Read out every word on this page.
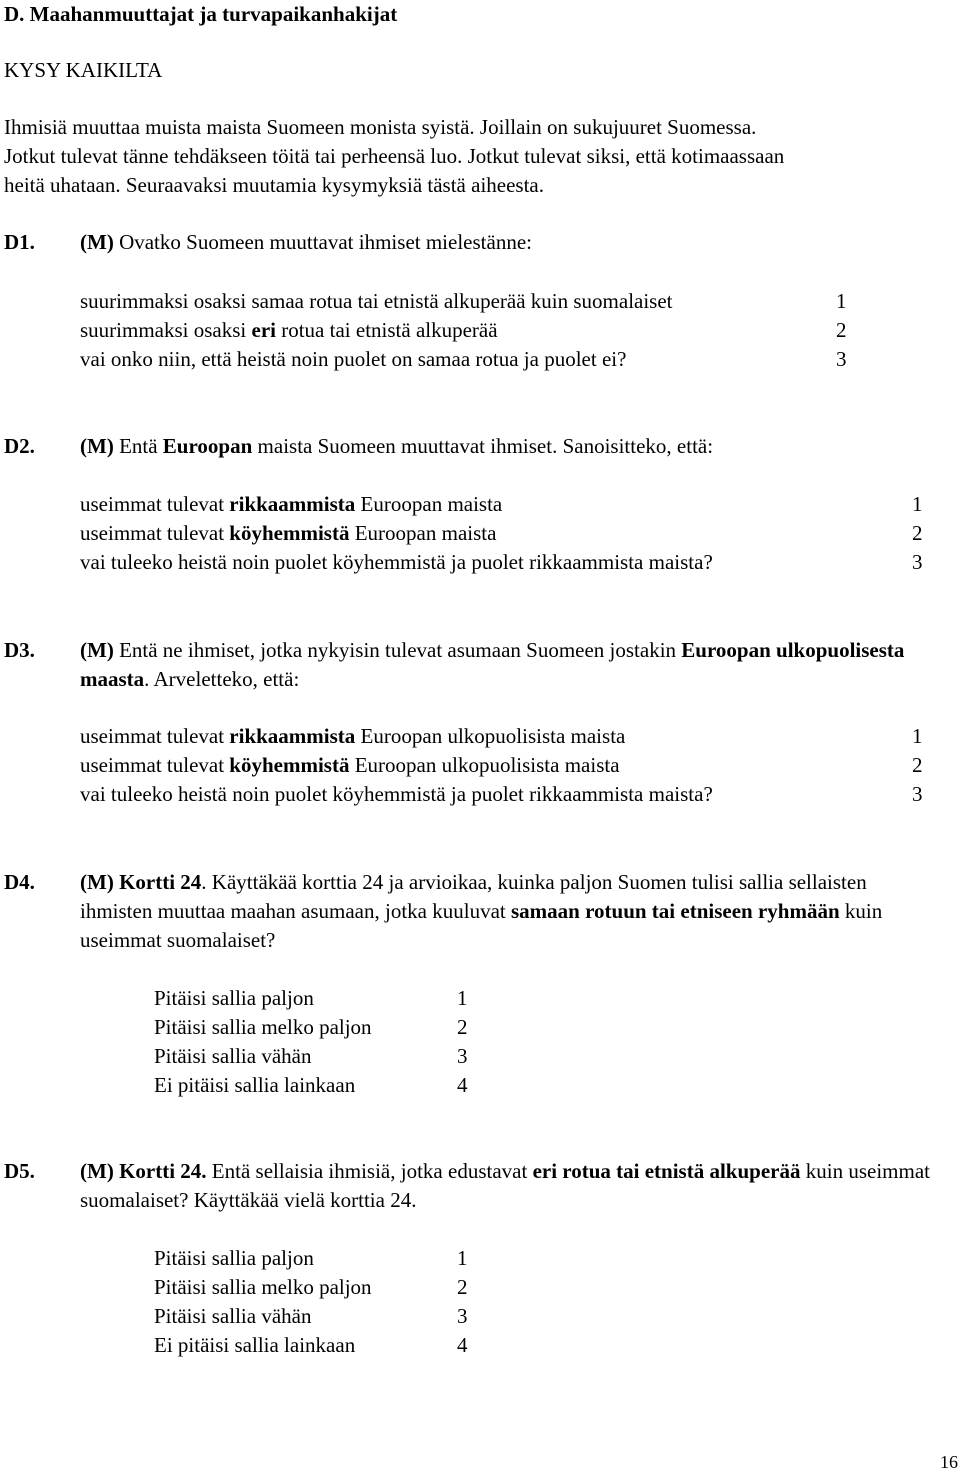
D. Maahanmuuttajat ja turvapaikanhakijat
KYSY KAIKILTA
Ihmisiä muuttaa muista maista Suomeen monista syistä. Joillain on sukujuuret Suomessa.
Jotkut tulevat tänne tehdäkseen töitä tai perheensä luo. Jotkut tulevat siksi, että kotimaassaan
heitä uhataan. Seuraavaksi muutamia kysymyksiä tästä aiheesta.
D1. (M) Ovatko Suomeen muuttavat ihmiset mielestänne:
suurimmaksi osaksi samaa rotua tai etnistä alkuperää kuin suomalaiset	1
suurimmaksi osaksi eri rotua tai etnistä alkuperää	2
vai onko niin, että heistä noin puolet on samaa rotua ja puolet ei?	3
D2. (M) Entä Euroopan maista Suomeen muuttavat ihmiset. Sanoisitteko, että:
useimmat tulevat rikkaammista Euroopan maista	1
useimmat tulevat köyhemmistä Euroopan maista	2
vai tuleeko heistä noin puolet köyhemmistä ja puolet rikkaammista maista?	3
D3. (M) Entä ne ihmiset, jotka nykyisin tulevat asumaan Suomeen jostakin Euroopan ulkopuolisesta maasta. Arveletteko, että:
useimmat tulevat rikkaammista Euroopan ulkopuolisista maista	1
useimmat tulevat köyhemmistä Euroopan ulkopuolisista maista	2
vai tuleeko heistä noin puolet köyhemmistä ja puolet rikkaammista maista?	3
D4. (M) Kortti 24. Käyttäkää korttia 24 ja arvioikaa, kuinka paljon Suomen tulisi sallia sellaisten ihmisten muuttaa maahan asumaan, jotka kuuluvat samaan rotuun tai etniseen ryhmään kuin useimmat suomalaiset?
Pitäisi sallia paljon	1
Pitäisi sallia melko paljon	2
Pitäisi sallia vähän	3
Ei pitäisi sallia lainkaan	4
D5. (M) Kortti 24. Entä sellaisia ihmisiä, jotka edustavat eri rotua tai etnistä alkuperää kuin useimmat suomalaiset? Käyttäkää vielä korttia 24.
Pitäisi sallia paljon	1
Pitäisi sallia melko paljon	2
Pitäisi sallia vähän	3
Ei pitäisi sallia lainkaan	4
16
